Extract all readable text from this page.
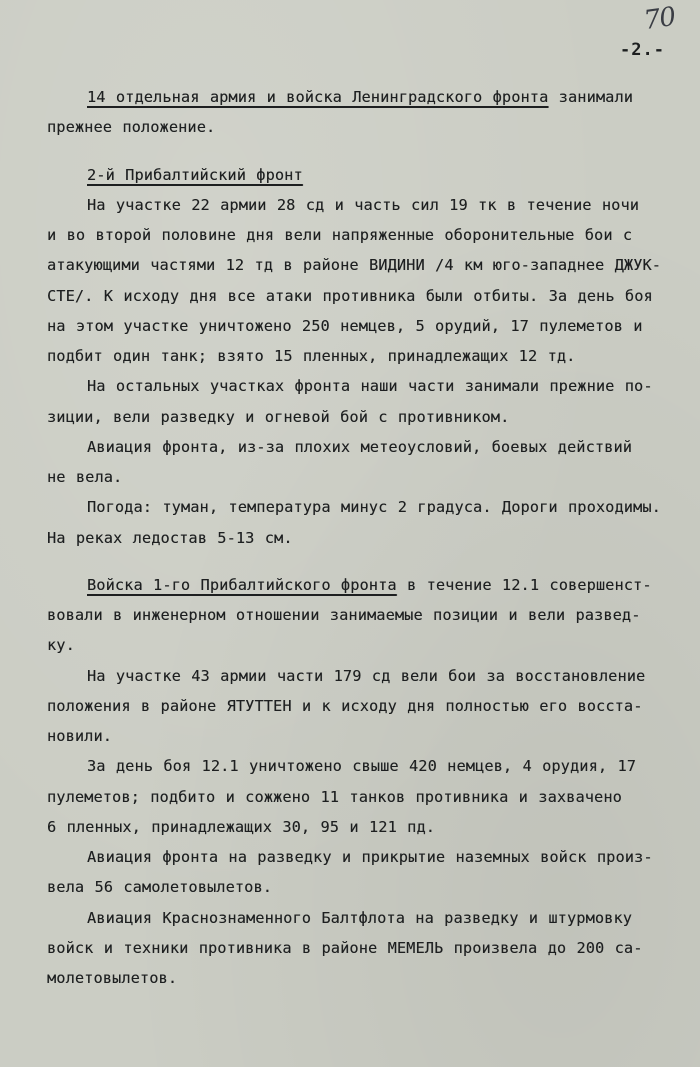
70
-2.-
14 отдельная армия и войска Ленинградского фронта занимали
прежнее положение.
2-й Прибалтийский фронт
На участке 22 армии 28 сд и часть сил 19 тк в течение ночи
и во второй половине дня вели напряженные оборонительные бои с
атакующими частями 12 тд в районе ВИДИНИ /4 км юго-западнее ДЖУК-
СТЕ/. К исходу дня все атаки противника были отбиты. За день боя
на этом участке уничтожено 250 немцев, 5 орудий, 17 пулеметов и
подбит один танк; взято 15 пленных, принадлежащих 12 тд.
На остальных участках фронта наши части занимали прежние по-
зиции, вели разведку и огневой бой с противником.
Авиация фронта, из-за плохих метеоусловий, боевых действий
не вела.
Погода: туман, температура минус 2 градуса. Дороги проходимы.
На реках ледостав 5-13 см.
Войска 1-го Прибалтийского фронта в течение 12.1 совершенст-
вовали в инженерном отношении занимаемые позиции и вели развед-
ку.
На участке 43 армии части 179 сд вели бои за восстановление
положения в районе ЯТУТТЕН и к исходу дня полностью его восста-
новили.
За день боя 12.1 уничтожено свыше 420 немцев, 4 орудия, 17
пулеметов; подбито и сожжено 11 танков противника и захвачено
6 пленных, принадлежащих 30, 95 и 121 пд.
Авиация фронта на разведку и прикрытие наземных войск произ-
вела 56 самолетовылетов.
Авиация Краснознаменного Балтфлота на разведку и штурмовку
войск и техники противника в районе МЕМЕЛЬ произвела до 200 са-
молетовылетов.
